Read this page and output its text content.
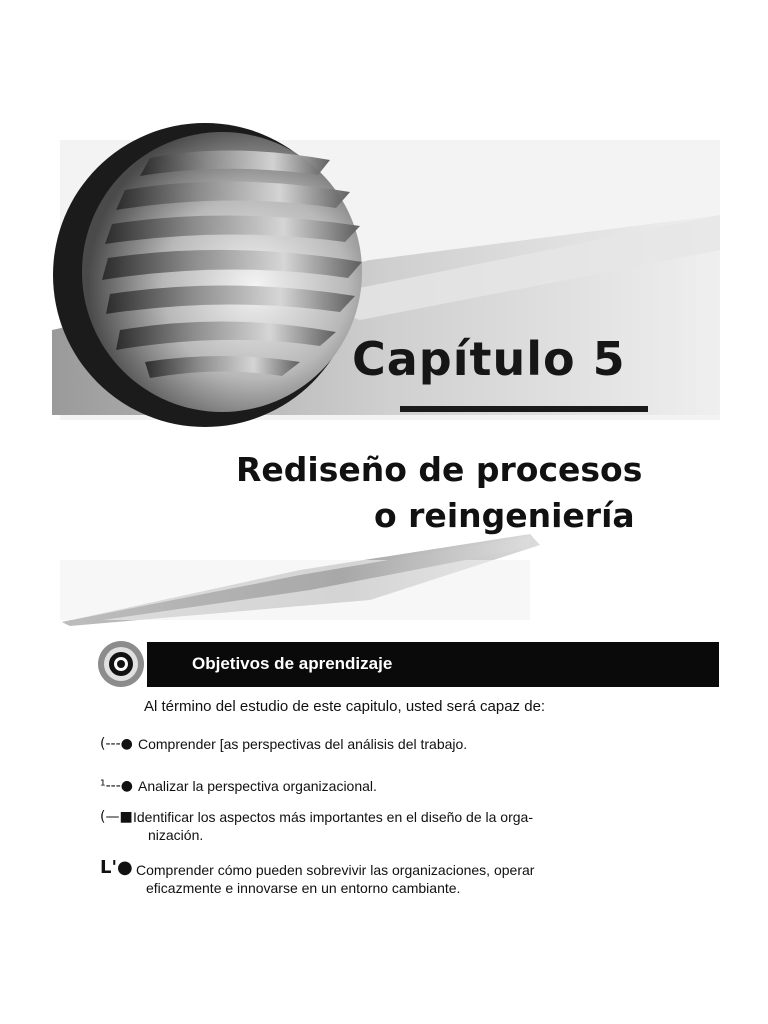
Capítulo 5
Rediseño de procesos
o reingeniería
Objetivos de aprendizaje
Al término del estudio de este capitulo, usted será capaz de:
(---● Comprender [as perspectivas del análisis del trabajo.
¹---● Analizar la perspectiva organizacional.
(—■ Identificar los aspectos más importantes en el diseño de la orga-
nización.
L'● Comprender cómo pueden sobrevivir las organizaciones, operar
eficazmente e innovarse en un entorno cambiante.
